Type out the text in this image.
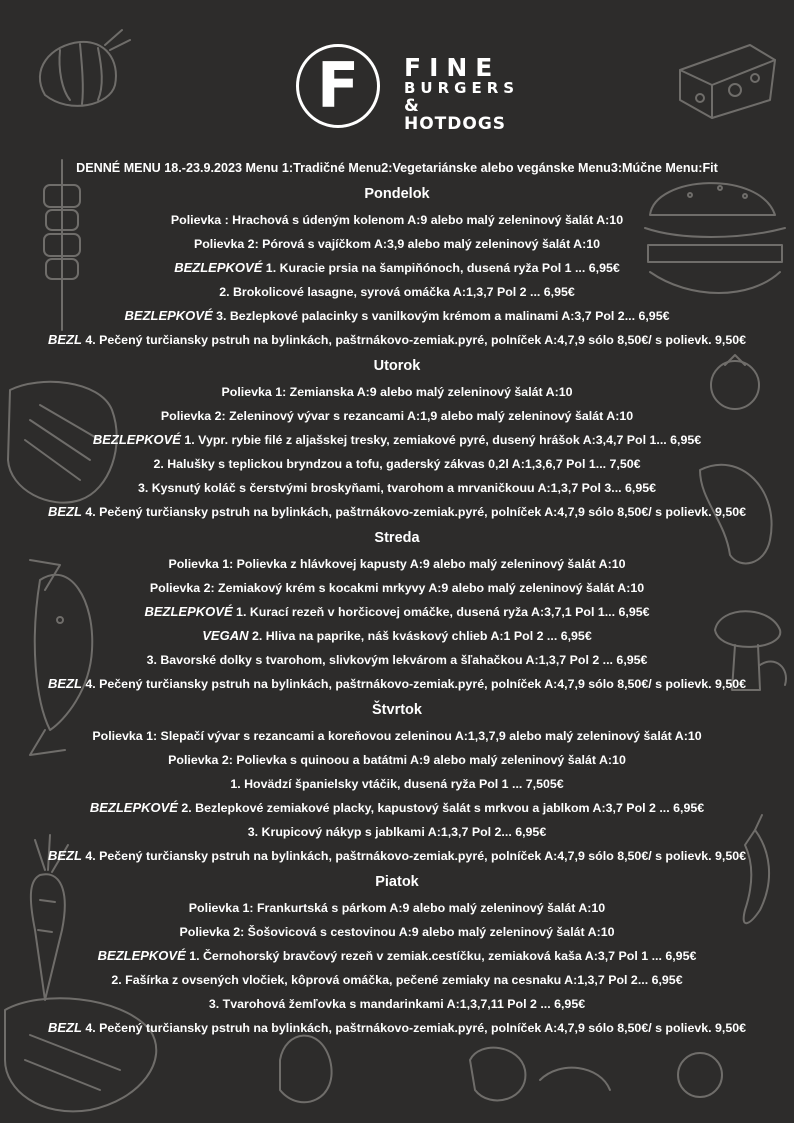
F	FINE
BURGERS
& HOTDOGS
DENNÉ MENU 18.-23.9.2023 Menu 1:Tradičné Menu2:Vegetariánske alebo vegánske Menu3:Múčne Menu:Fit
Pondelok
Polievka : Hrachová s údeným kolenom A:9 alebo malý zeleninový šalát A:10
Polievka 2: Pórová s vajíčkom A:3,9 alebo malý zeleninový šalát A:10
BEZLEPKOVÉ 1. Kuracie prsia na šampiňónoch, dusená ryža Pol 1 ... 6,95€
2. Brokolicové lasagne, syrová omáčka A:1,3,7 Pol 2 ... 6,95€
BEZLEPKOVÉ 3. Bezlepkové palacinky s vanilkovým krémom a malinami A:3,7 Pol 2... 6,95€
BEZL 4. Pečený turčiansky pstruh na bylinkách, paštrnákovo-zemiak.pyré, polníček A:4,7,9 sólo 8,50€/ s polievk. 9,50€
Utorok
Polievka 1: Zemianska A:9 alebo malý zeleninový šalát A:10
Polievka 2: Zeleninový vývar s rezancami A:1,9 alebo malý zeleninový šalát A:10
BEZLEPKOVÉ 1. Vypr. rybie filé z aljašskej tresky, zemiakové pyré, dusený hrášok A:3,4,7 Pol 1... 6,95€
2. Halušky s teplickou bryndzou a tofu, gaderský zákvas 0,2l A:1,3,6,7 Pol 1... 7,50€
3. Kysnutý koláč s čerstvými broskyňami, tvarohom a mrvaničkouu A:1,3,7 Pol 3... 6,95€
BEZL 4. Pečený turčiansky pstruh na bylinkách, paštrnákovo-zemiak.pyré, polníček A:4,7,9 sólo 8,50€/ s polievk. 9,50€
Streda
Polievka 1: Polievka z hlávkovej kapusty A:9 alebo malý zeleninový šalát A:10
Polievka 2: Zemiakový krém s kocakmi mrkyvy A:9 alebo malý zeleninový šalát A:10
BEZLEPKOVÉ 1. Kurací rezeň v horčicovej omáčke, dusená ryža A:3,7,1 Pol 1... 6,95€
VEGAN 2. Hliva na paprike, náš kváskový chlieb A:1 Pol 2 ... 6,95€
3. Bavorské dolky s tvarohom, slivkovým lekvárom a šľahačkou A:1,3,7 Pol 2 ... 6,95€
BEZL 4. Pečený turčiansky pstruh na bylinkách, paštrnákovo-zemiak.pyré, polníček A:4,7,9 sólo 8,50€/ s polievk. 9,50€
Štvrtok
Polievka 1: Slepačí vývar s rezancami a koreňovou zeleninou A:1,3,7,9 alebo malý zeleninový šalát A:10
Polievka 2: Polievka s quinoou a batátmi A:9 alebo malý zeleninový šalát A:10
1. Hovädzí španielsky vtáčik, dusená ryža Pol 1 ... 7,505€
BEZLEPKOVÉ 2. Bezlepkové zemiakové placky, kapustový šalát s mrkvou a jablkom A:3,7 Pol 2 ... 6,95€
3. Krupicový nákyp s jablkami A:1,3,7 Pol 2... 6,95€
BEZL 4. Pečený turčiansky pstruh na bylinkách, paštrnákovo-zemiak.pyré, polníček A:4,7,9 sólo 8,50€/ s polievk. 9,50€
Piatok
Polievka 1: Frankurtská s párkom A:9 alebo malý zeleninový šalát A:10
Polievka 2: Šošovicová s cestovinou A:9 alebo malý zeleninový šalát A:10
BEZLEPKOVÉ 1. Černohorský bravčový rezeň v zemiak.cestíčku, zemiaková kaša A:3,7 Pol 1 ... 6,95€
2. Fašírka z ovsených vločiek, kôprová omáčka, pečené zemiaky na cesnaku A:1,3,7 Pol 2... 6,95€
3. Tvarohová žemľovka s mandarinkami A:1,3,7,11 Pol 2 ... 6,95€
BEZL 4. Pečený turčiansky pstruh na bylinkách, paštrnákovo-zemiak.pyré, polníček A:4,7,9 sólo 8,50€/ s polievk. 9,50€
